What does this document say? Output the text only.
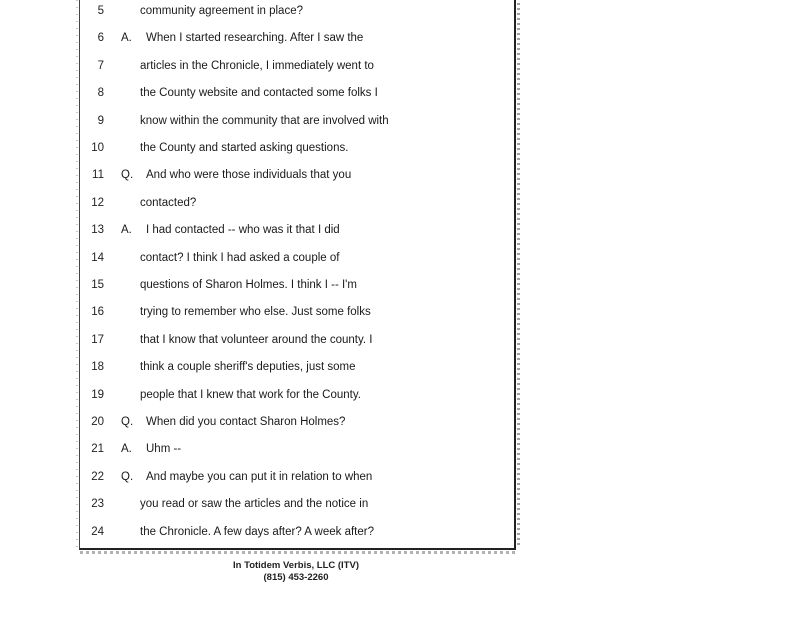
5	community agreement in place?
6 A. When I started researching. After I saw the
7	articles in the Chronicle, I immediately went to
8	the County website and contacted some folks I
9	know within the community that are involved with
10	the County and started asking questions.
11 Q. And who were those individuals that you
12	contacted?
13 A. I had contacted -- who was it that I did
14	contact? I think I had asked a couple of
15	questions of Sharon Holmes. I think I -- I'm
16	trying to remember who else. Just some folks
17	that I know that volunteer around the county. I
18	think a couple sheriff's deputies, just some
19	people that I knew that work for the County.
20 Q. When did you contact Sharon Holmes?
21 A. Uhm --
22 Q. And maybe you can put it in relation to when
23	you read or saw the articles and the notice in
24	the Chronicle. A few days after? A week after?
In Totidem Verbis, LLC (ITV)
(815) 453-2260
